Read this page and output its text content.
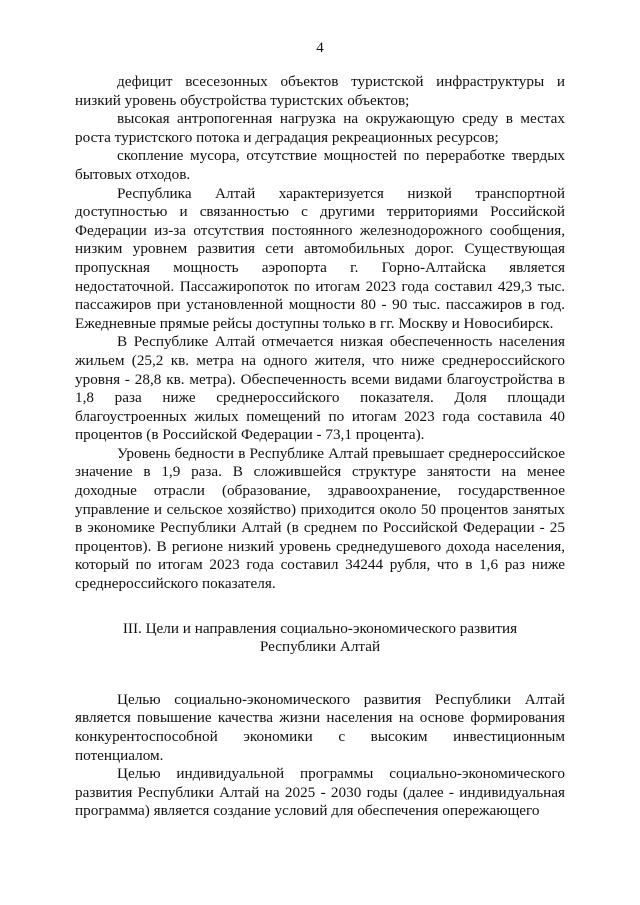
4

дефицит всесезонных объектов туристской инфраструктуры и низкий уровень обустройства туристских объектов;

высокая антропогенная нагрузка на окружающую среду в местах роста туристского потока и деградация рекреационных ресурсов;

скопление мусора, отсутствие мощностей по переработке твердых бытовых отходов.

Республика Алтай характеризуется низкой транспортной доступностью и связанностью с другими территориями Российской Федерации из-за отсутствия постоянного железнодорожного сообщения, низким уровнем развития сети автомобильных дорог. Существующая пропускная мощность аэропорта г. Горно-Алтайска является недостаточной. Пассажиропоток по итогам 2023 года составил 429,3 тыс. пассажиров при установленной мощности 80 - 90 тыс. пассажиров в год. Ежедневные прямые рейсы доступны только в гг. Москву и Новосибирск.

В Республике Алтай отмечается низкая обеспеченность населения жильем (25,2 кв. метра на одного жителя, что ниже среднероссийского уровня - 28,8 кв. метра). Обеспеченность всеми видами благоустройства в 1,8 раза ниже среднероссийского показателя. Доля площади благоустроенных жилых помещений по итогам 2023 года составила 40 процентов (в Российской Федерации - 73,1 процента).

Уровень бедности в Республике Алтай превышает среднероссийское значение в 1,9 раза. В сложившейся структуре занятости на менее доходные отрасли (образование, здравоохранение, государственное управление и сельское хозяйство) приходится около 50 процентов занятых в экономике Республики Алтай (в среднем по Российской Федерации - 25 процентов). В регионе низкий уровень среднедушевого дохода населения, который по итогам 2023 года составил 34244 рубля, что в 1,6 раз ниже среднероссийского показателя.

III. Цели и направления социально-экономического развития
Республики Алтай

Целью социально-экономического развития Республики Алтай является повышение качества жизни населения на основе формирования конкурентоспособной экономики с высоким инвестиционным потенциалом.

Целью индивидуальной программы социально-экономического развития Республики Алтай на 2025 - 2030 годы (далее - индивидуальная программа) является создание условий для обеспечения опережающего
